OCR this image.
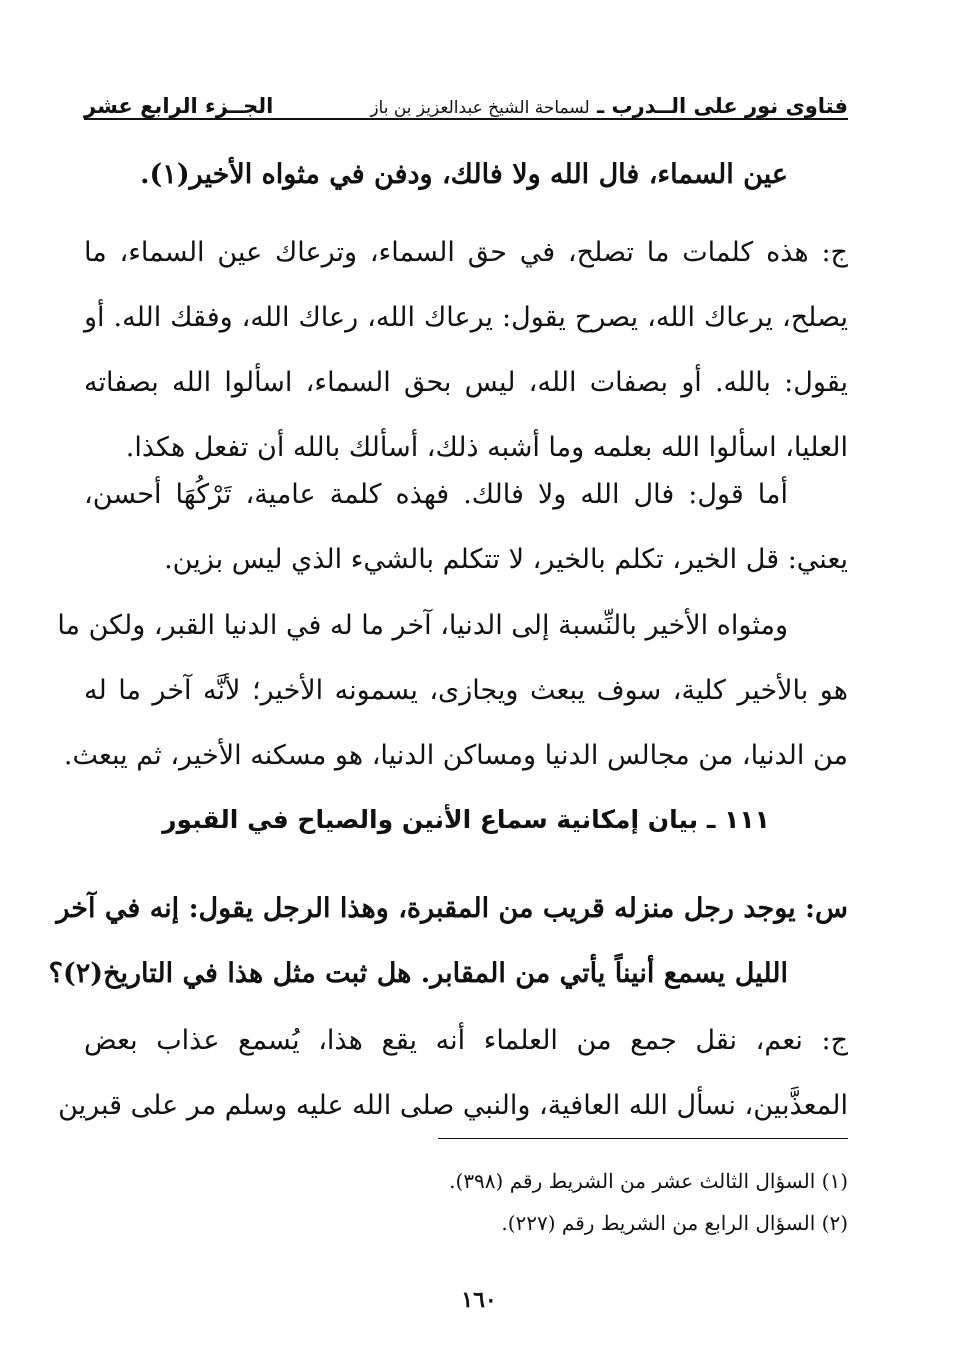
فتاوى نور على الــدرب ـ لسماحة الشيخ عبدالعزيز بن باز
الجــزء الرابع عشر
عين السماء، فال الله ولا فالك، ودفن في مثواه الأخير(١).
ج: هذه كلمات ما تصلح، في حق السماء، وترعاك عين السماء، ما
يصلح، يرعاك الله، يصرح يقول: يرعاك الله، رعاك الله، وفقك الله. أو
يقول: بالله. أو بصفات الله، ليس بحق السماء، اسألوا الله بصفاته
العليا، اسألوا الله بعلمه وما أشبه ذلك، أسألك بالله أن تفعل هكذا.
أما قول: فال الله ولا فالك. فهذه كلمة عامية، تَرْكُهَا أحسن،
يعني: قل الخير، تكلم بالخير، لا تتكلم بالشيء الذي ليس بزين.
ومثواه الأخير بالنِّسبة إلى الدنيا، آخر ما له في الدنيا القبر، ولكن ما
هو بالأخير كلية، سوف يبعث ويجازى، يسمونه الأخير؛ لأنَّه آخر ما له
من الدنيا، من مجالس الدنيا ومساكن الدنيا، هو مسكنه الأخير، ثم يبعث.
١١١ ـ بيان إمكانية سماع الأنين والصياح في القبور
س: يوجد رجل منزله قريب من المقبرة، وهذا الرجل يقول: إنه في آخر
الليل يسمع أنيناً يأتي من المقابر. هل ثبت مثل هذا في التاريخ(٢)؟
ج: نعم، نقل جمع من العلماء أنه يقع هذا، يُسمع عذاب بعض
المعذَّبين، نسأل الله العافية، والنبي صلى الله عليه وسلم مر على قبرين
(١) السؤال الثالث عشر من الشريط رقم (٣٩٨).
(٢) السؤال الرابع من الشريط رقم (٢٢٧).
١٦٠
